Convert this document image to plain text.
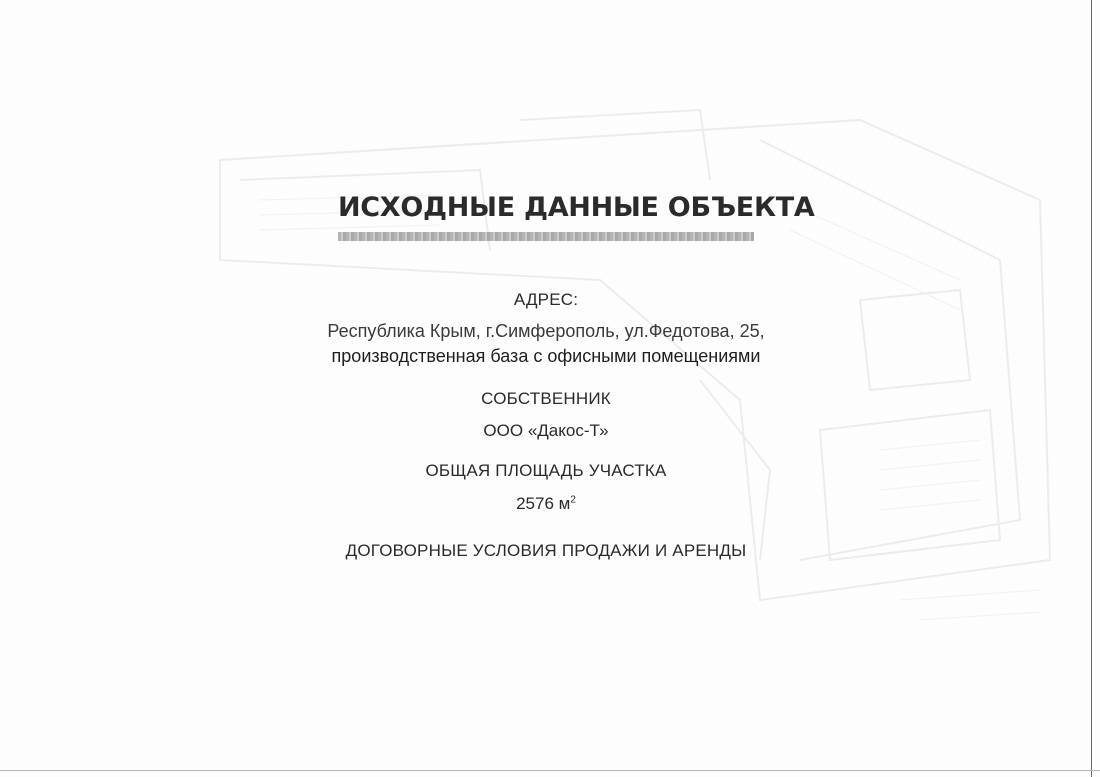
ИСХОДНЫЕ ДАННЫЕ ОБЪЕКТА
АДРЕС:
Республика Крым, г.Симферополь, ул.Федотова, 25,
производственная база с офисными помещениями
СОБСТВЕННИК
ООО «Дакос-Т»
ОБЩАЯ ПЛОЩАДЬ УЧАСТКА
2576 $м^2$
ДОГОВОРНЫЕ УСЛОВИЯ ПРОДАЖИ И АРЕНДЫ
